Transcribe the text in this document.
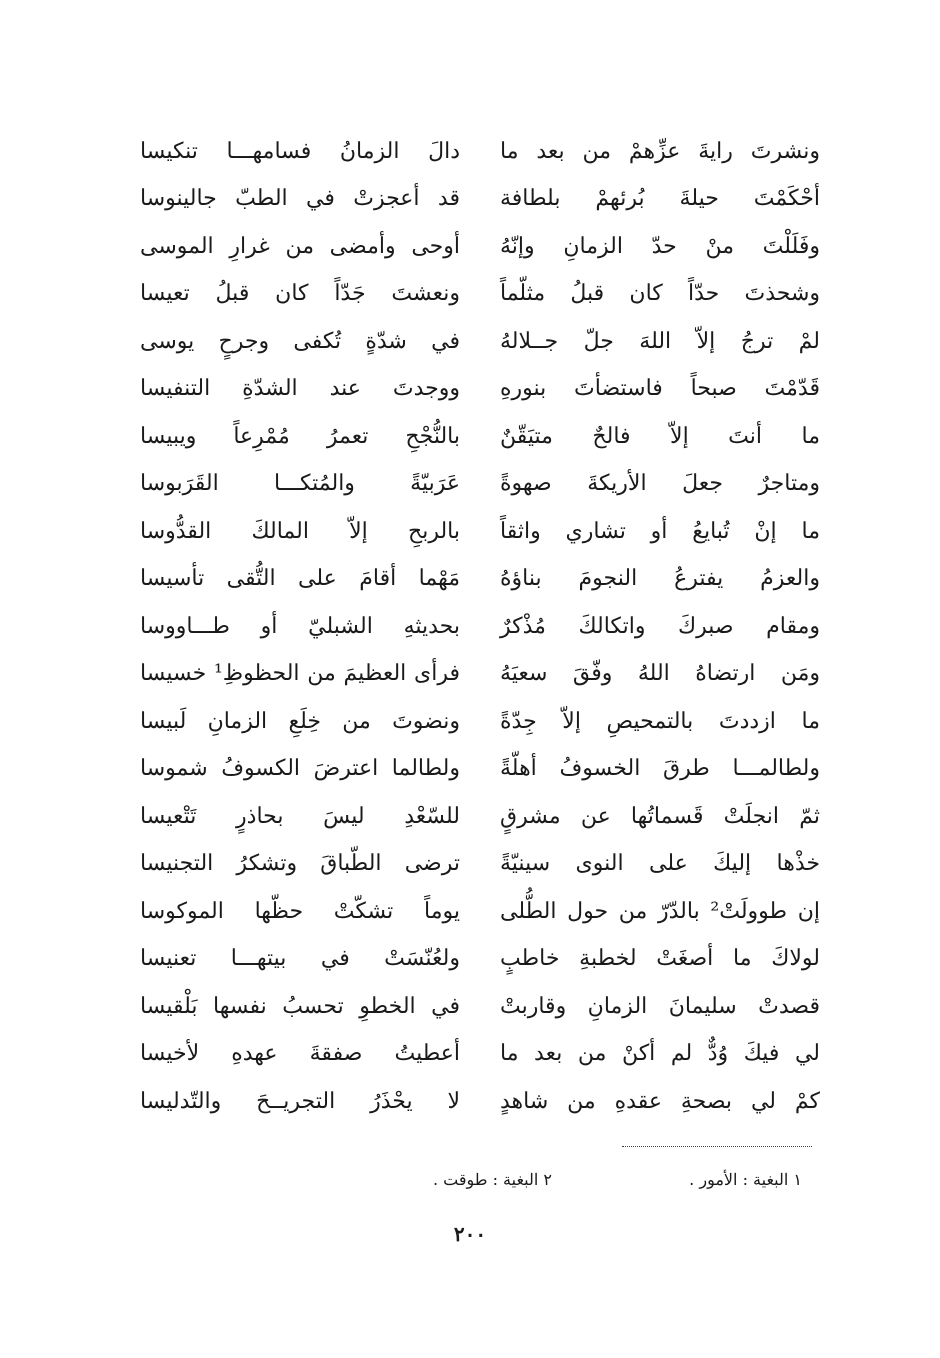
ونشرتَ رايةَ عزِّهمْ من بعد ما
دالَ الزمانُ فسامهـــا تنكيسا
أحْكَمْتَ حيلةَ بُرئهمْ بلطافة
قد أعجزتْ في الطبّ جالينوسا
وفَلَلْتَ منْ حدّ الزمانِ وإنّهُ
أوحى وأمضى من غرارِ الموسى
وشحذتَ حدّاً كان قبلُ مثلّماً
ونعشتَ جَدّاً كان قبلُ تعيسا
لمْ ترجُ إلاّ اللهَ جلّ جــلالهُ
في شدّةٍ تُكفى وجرحٍ يوسى
قَدّمْتَ صبحاً فاستضأتَ بنورهِ
ووجدتَ عند الشدّةِ التنفيسا
ما أنتَ إلاّ فالحٌ متيَقّنٌ
بالنُّجْحِ تعمرُ مُمْرِعاً ويبيسا
ومتاجرٌ جعلَ الأريكةَ صهوةً
عَرَبيّةً والمُتكـــا القَرَبوسا
ما إنْ تُبايعُ أو تشاري واثقاً
بالربحِ إلاّ المالكَ القدُّوسا
والعزمُ يفترعُ النجومَ بناؤهُ
مَهْما أقامَ على التُّقى تأسيسا
ومقام صبركَ واتكالكَ مُذْكرٌ
بحديثهِ الشبليّ أو طـــاووسا
ومَن ارتضاهُ اللهُ وفّقَ سعيَهُ
فرأى العظيمَ من الحظوظِ¹ خسيسا
ما ازددتَ بالتمحيصِ إلاّ جِدّةً
ونضوتَ من خِلَعِ الزمانِ لَبيسا
ولطالمـــا طرقَ الخسوفُ أهلّةً
ولطالما اعترضَ الكسوفُ شموسا
ثمّ انجلَتْ قَسماتُها عن مشرقٍ
للسّعْدِ ليسَ بحاذرٍ تَتْعيسا
خذْها إليكَ على النوى سينيّةً
ترضى الطّباقَ وتشكرُ التجنيسا
إن طوولَتْ² بالدّرّ من حول الطُّلى
يوماً تشكّتْ حظّها الموكوسا
لولاكَ ما أصغَتْ لخطبةِ خاطبٍ
ولعُنّسَتْ في بيتهـــا تعنيسا
قصدتْ سليمانَ الزمانِ وقاربتْ
في الخطوِ تحسبُ نفسها بَلْقيسا
لي فيكَ وُدٌّ لم أكنْ من بعد ما
أعطيتُ صفقةَ عهدهِ لأخيسا
كمْ لي بصحةِ عقدهِ من شاهدٍ
لا يحْذَرُ التجريــحَ والتّدليسا
١ البغية : الأمور .
٢ البغية : طوقت .
٢٠٠
